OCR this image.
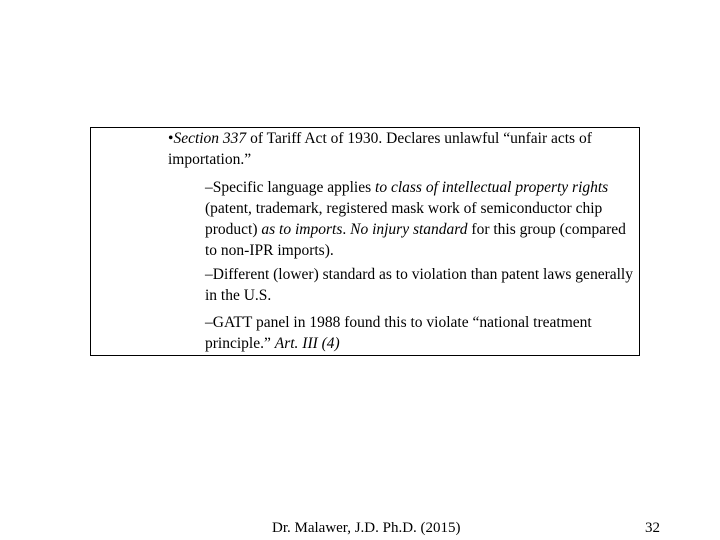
•Section 337 of Tariff Act of 1930. Declares unlawful “unfair acts of importation.”
–Specific language applies to class of intellectual property rights (patent, trademark, registered mask work of semiconductor chip product) as to imports. No injury standard for this group (compared to non-IPR imports).
–Different (lower) standard as to violation than patent laws generally in the U.S.
–GATT panel in 1988 found this to violate “national treatment principle.” Art. III (4)
Dr. Malawer, J.D. Ph.D. (2015)	32
